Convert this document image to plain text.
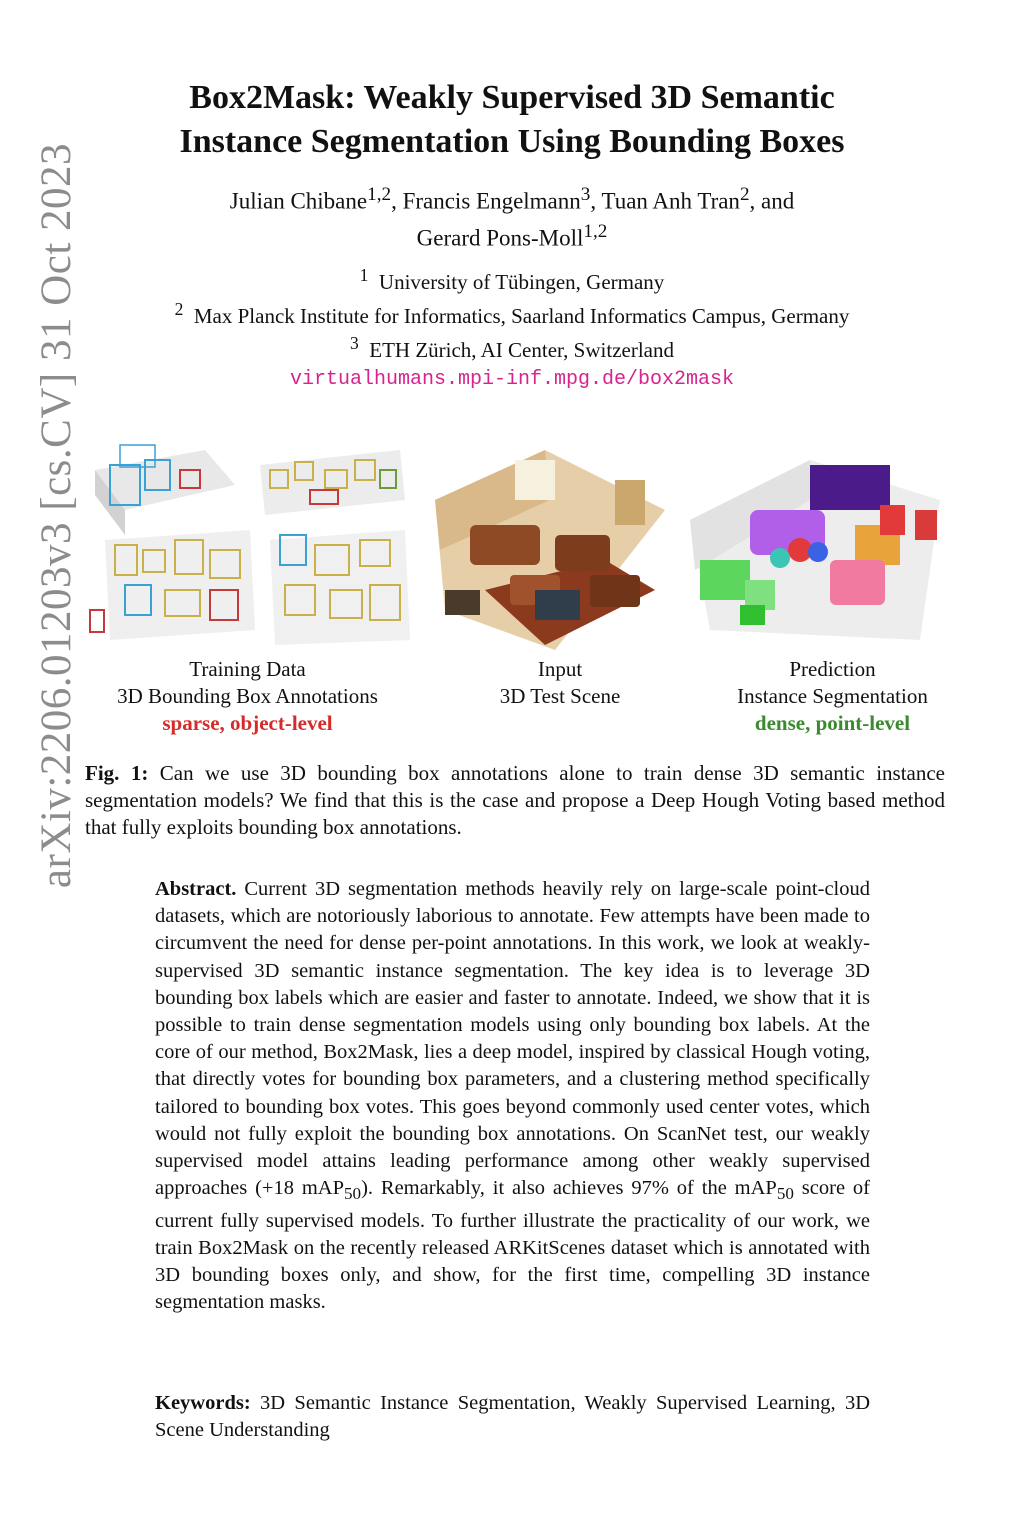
arXiv:2206.01203v3 [cs.CV] 31 Oct 2023
Box2Mask: Weakly Supervised 3D Semantic
Instance Segmentation Using Bounding Boxes
Julian Chibane$^{1,2}$, Francis Engelmann$^3$, Tuan Anh Tran$^2$, and
Gerard Pons-Moll$^{1,2}$
$^1$ University of Tübingen, Germany
$^2$ Max Planck Institute for Informatics, Saarland Informatics Campus, Germany
$^3$ ETH Zürich, AI Center, Switzerland
virtualhumans.mpi-inf.mpg.de/box2mask
Training Data
3D Bounding Box Annotations
sparse, object-level
Input
3D Test Scene
Prediction
Instance Segmentation
dense, point-level
Fig. 1: Can we use 3D bounding box annotations alone to train dense 3D semantic instance segmentation models? We find that this is the case and propose a Deep Hough Voting based method that fully exploits bounding box annotations.
Abstract. Current 3D segmentation methods heavily rely on large-scale point-cloud datasets, which are notoriously laborious to annotate. Few attempts have been made to circumvent the need for dense per-point annotations. In this work, we look at weakly-supervised 3D semantic instance segmentation. The key idea is to leverage 3D bounding box labels which are easier and faster to annotate. Indeed, we show that it is possible to train dense segmentation models using only bounding box labels. At the core of our method, Box2Mask, lies a deep model, inspired by classical Hough voting, that directly votes for bounding box parameters, and a clustering method specifically tailored to bounding box votes. This goes beyond commonly used center votes, which would not fully exploit the bounding box annotations. On ScanNet test, our weakly supervised model attains leading performance among other weakly supervised approaches (+18 mAP$_{50}$). Remarkably, it also achieves 97% of the mAP$_{50}$ score of current fully supervised models. To further illustrate the practicality of our work, we train Box2Mask on the recently released ARKitScenes dataset which is annotated with 3D bounding boxes only, and show, for the first time, compelling 3D instance segmentation masks.
Keywords: 3D Semantic Instance Segmentation, Weakly Supervised Learning, 3D Scene Understanding
